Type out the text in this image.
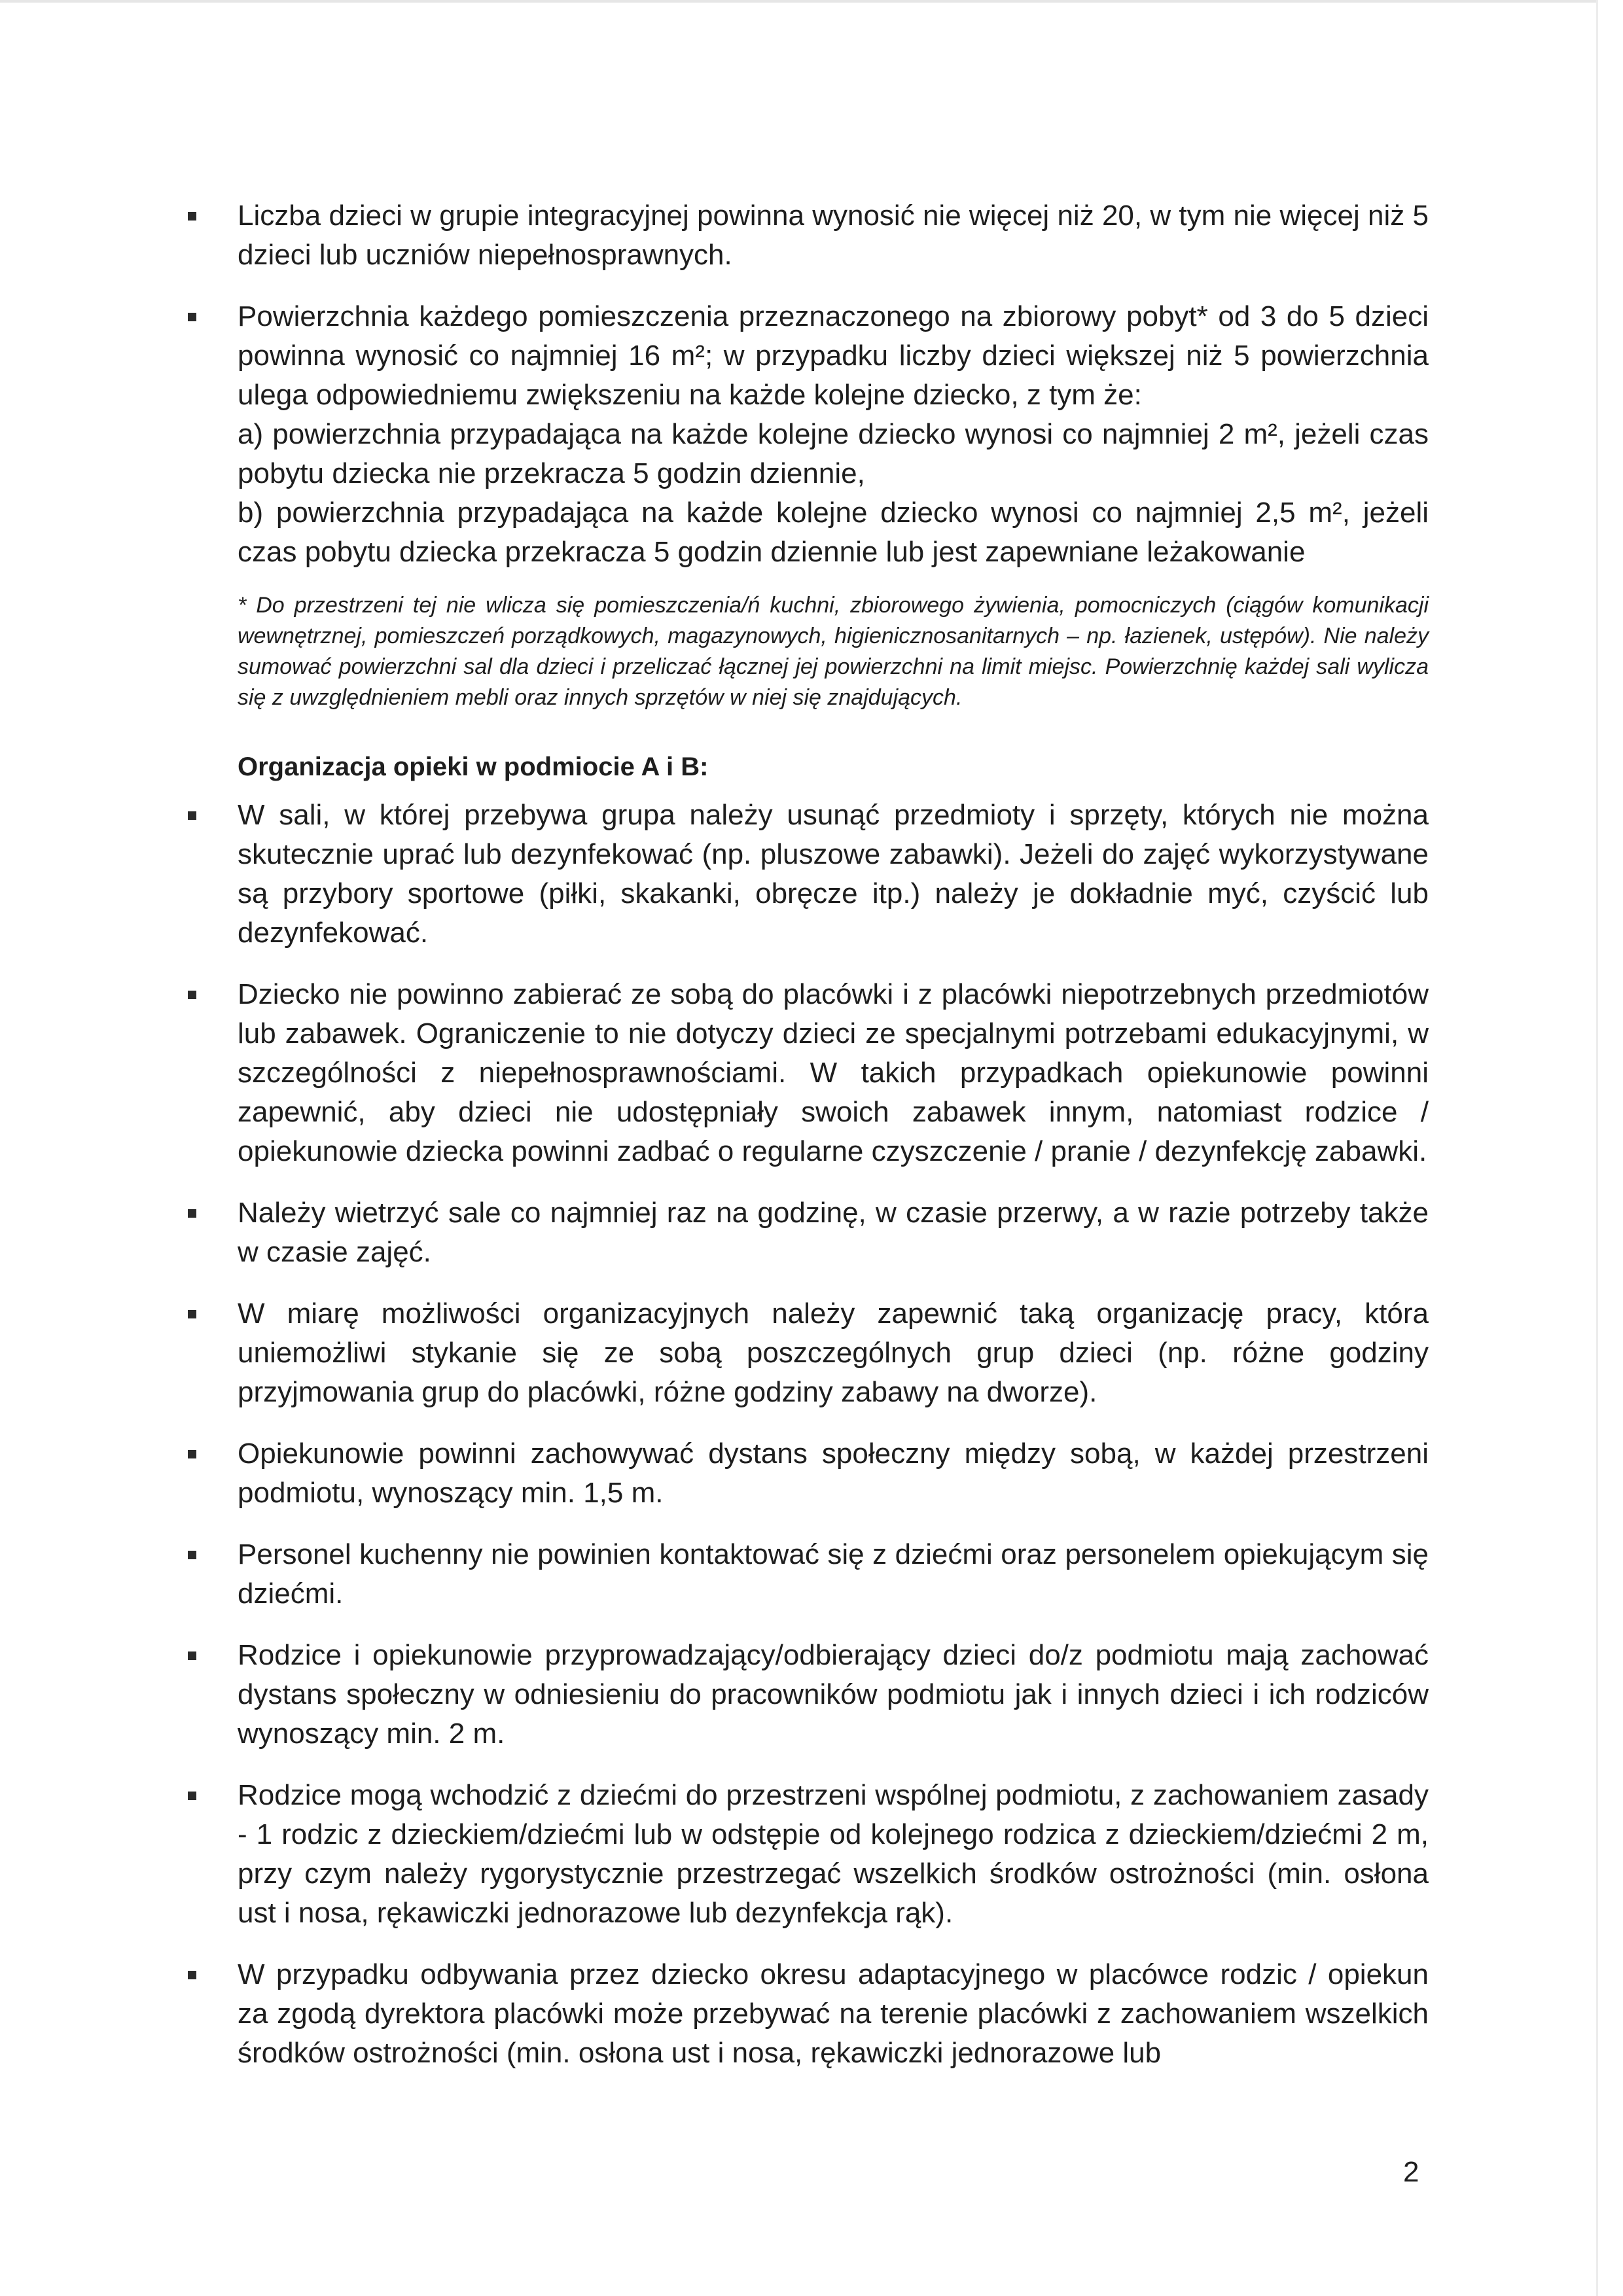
Liczba dzieci w grupie integracyjnej powinna wynosić nie więcej niż 20, w tym nie więcej niż 5 dzieci lub uczniów niepełnosprawnych.
Powierzchnia każdego pomieszczenia przeznaczonego na zbiorowy pobyt* od 3 do 5 dzieci powinna wynosić co najmniej 16 m²; w przypadku liczby dzieci większej niż 5 powierzchnia ulega odpowiedniemu zwiększeniu na każde kolejne dziecko, z tym że:
a) powierzchnia przypadająca na każde kolejne dziecko wynosi co najmniej 2 m², jeżeli czas pobytu dziecka nie przekracza 5 godzin dziennie,
b) powierzchnia przypadająca na każde kolejne dziecko wynosi co najmniej 2,5 m², jeżeli czas pobytu dziecka przekracza 5 godzin dziennie lub jest zapewniane leżakowanie
* Do przestrzeni tej nie wlicza się pomieszczenia/ń kuchni, zbiorowego żywienia, pomocniczych (ciągów komunikacji wewnętrznej, pomieszczeń porządkowych, magazynowych, higienicznosanitarnych – np. łazienek, ustępów). Nie należy sumować powierzchni sal dla dzieci i przeliczać łącznej jej powierzchni na limit miejsc. Powierzchnię każdej sali wylicza się z uwzględnieniem mebli oraz innych sprzętów w niej się znajdujących.
Organizacja opieki w podmiocie A i B:
W sali, w której przebywa grupa należy usunąć przedmioty i sprzęty, których nie można skutecznie uprać lub dezynfekować (np. pluszowe zabawki). Jeżeli do zajęć wykorzystywane są przybory sportowe (piłki, skakanki, obręcze itp.) należy je dokładnie myć, czyścić lub dezynfekować.
Dziecko nie powinno zabierać ze sobą do placówki i z placówki niepotrzebnych przedmiotów lub zabawek. Ograniczenie to nie dotyczy dzieci ze specjalnymi potrzebami edukacyjnymi, w szczególności z niepełnosprawnościami. W takich przypadkach opiekunowie powinni zapewnić, aby dzieci nie udostępniały swoich zabawek innym, natomiast rodzice / opiekunowie dziecka powinni zadbać o regularne czyszczenie / pranie / dezynfekcję zabawki.
Należy wietrzyć sale co najmniej raz na godzinę, w czasie przerwy, a w razie potrzeby także w czasie zajęć.
W miarę możliwości organizacyjnych należy zapewnić taką organizację pracy, która uniemożliwi stykanie się ze sobą poszczególnych grup dzieci (np. różne godziny przyjmowania grup do placówki, różne godziny zabawy na dworze).
Opiekunowie powinni zachowywać dystans społeczny między sobą, w każdej przestrzeni podmiotu, wynoszący min. 1,5 m.
Personel kuchenny nie powinien kontaktować się z dziećmi oraz personelem opiekującym się dziećmi.
Rodzice i opiekunowie przyprowadzający/odbierający dzieci do/z podmiotu mają zachować dystans społeczny w odniesieniu do pracowników podmiotu jak i innych dzieci i ich rodziców wynoszący min. 2 m.
Rodzice mogą wchodzić z dziećmi do przestrzeni wspólnej podmiotu, z zachowaniem zasady - 1 rodzic z dzieckiem/dziećmi lub w odstępie od kolejnego rodzica z dzieckiem/dziećmi 2 m, przy czym należy rygorystycznie przestrzegać wszelkich środków ostrożności (min. osłona ust i nosa, rękawiczki jednorazowe lub dezynfekcja rąk).
W przypadku odbywania przez dziecko okresu adaptacyjnego w placówce rodzic / opiekun za zgodą dyrektora placówki może przebywać na terenie placówki z zachowaniem wszelkich środków ostrożności (min. osłona ust i nosa, rękawiczki jednorazowe lub
2
